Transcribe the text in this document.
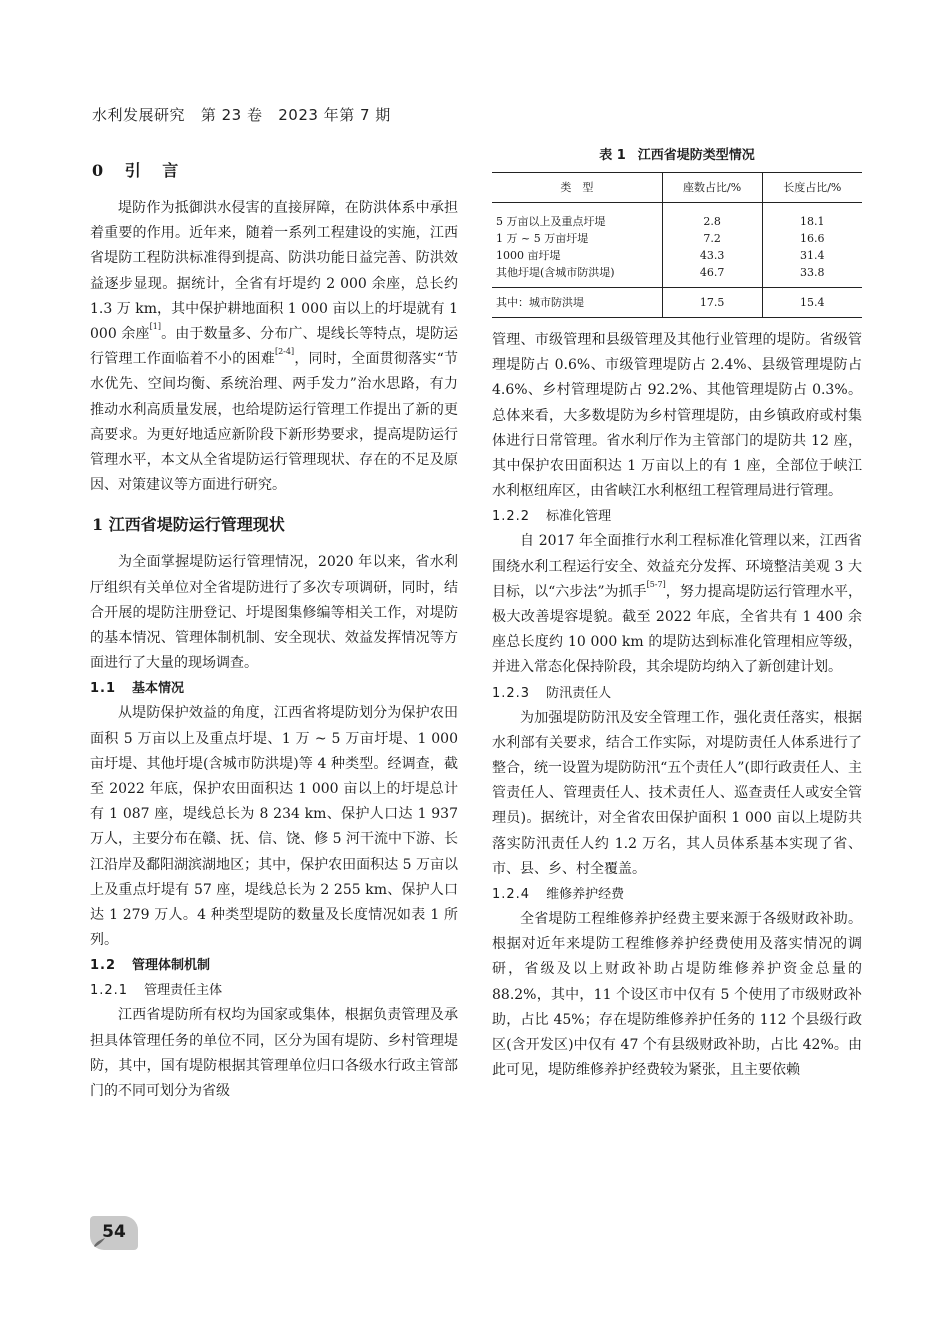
水利发展研究 第 23 卷 2023 年第 7 期
0 引 言

堤防作为抵御洪水侵害的直接屏障，在防洪体系中承担着重要的作用。近年来，随着一系列工程建设的实施，江西省堤防工程防洪标准得到提高、防洪功能日益完善、防洪效益逐步显现。据统计，全省有圩堤约 2 000 余座，总长约 1.3 万 km，其中保护耕地面积 1 000 亩以上的圩堤就有 1 000 余座[1]。由于数量多、分布广、堤线长等特点，堤防运行管理工作面临着不小的困难[2-4]，同时，全面贯彻落实“节水优先、空间均衡、系统治理、两手发力”治水思路，有力推动水利高质量发展，也给堤防运行管理工作提出了新的更高要求。为更好地适应新阶段下新形势要求，提高堤防运行管理水平，本文从全省堤防运行管理现状、存在的不足及原因、对策建议等方面进行研究。

1 江西省堤防运行管理现状

为全面掌握堤防运行管理情况，2020 年以来，省水利厅组织有关单位对全省堤防进行了多次专项调研，同时，结合开展的堤防注册登记、圩堤图集修编等相关工作，对堤防的基本情况、管理体制机制、安全现状、效益发挥情况等方面进行了大量的现场调查。

1.1 基本情况

从堤防保护效益的角度，江西省将堤防划分为保护农田面积 5 万亩以上及重点圩堤、1 万 ~ 5 万亩圩堤、1 000 亩圩堤、其他圩堤(含城市防洪堤)等 4 种类型。经调查，截至 2022 年底，保护农田面积达 1 000 亩以上的圩堤总计有 1 087 座，堤线总长为 8 234 km、保护人口达 1 937 万人，主要分布在赣、抚、信、饶、修 5 河干流中下游、长江沿岸及鄱阳湖滨湖地区；其中，保护农田面积达 5 万亩以上及重点圩堤有 57 座，堤线总长为 2 255 km、保护人口达 1 279 万人。4 种类型堤防的数量及长度情况如表 1 所列。

1.2 管理体制机制
1.2.1 管理责任主体

江西省堤防所有权均为国家或集体，根据负责管理及承担具体管理任务的单位不同，区分为国有堤防、乡村管理堤防，其中，国有堤防根据其管理单位归口各级水行政主管部门的不同可划分为省级

表 1 江西省堤防类型情况
类　型	座数占比/%	长度占比/%
5 万亩以上及重点圩堤	2.8	18.1
1 万 ~ 5 万亩圩堤	7.2	16.6
1000 亩圩堤	43.3	31.4
其他圩堤(含城市防洪堤)	46.7	33.8
其中：城市防洪堤	17.5	15.4

管理、市级管理和县级管理及其他行业管理的堤防。省级管理堤防占 0.6%、市级管理堤防占 2.4%、县级管理堤防占 4.6%、乡村管理堤防占 92.2%、其他管理堤防占 0.3%。总体来看，大多数堤防为乡村管理堤防，由乡镇政府或村集体进行日常管理。省水利厅作为主管部门的堤防共 12 座，其中保护农田面积达 1 万亩以上的有 1 座，全部位于峡江水利枢纽库区，由省峡江水利枢纽工程管理局进行管理。

1.2.2 标准化管理

自 2017 年全面推行水利工程标准化管理以来，江西省围绕水利工程运行安全、效益充分发挥、环境整洁美观 3 大目标，以“六步法”为抓手[5-7]，努力提高堤防运行管理水平，极大改善堤容堤貌。截至 2022 年底，全省共有 1 400 余座总长度约 10 000 km 的堤防达到标准化管理相应等级，并进入常态化保持阶段，其余堤防均纳入了新创建计划。

1.2.3 防汛责任人

为加强堤防防汛及安全管理工作，强化责任落实，根据水利部有关要求，结合工作实际，对堤防责任人体系进行了整合，统一设置为堤防防汛“五个责任人”(即行政责任人、主管责任人、管理责任人、技术责任人、巡查责任人或安全管理员)。据统计，对全省农田保护面积 1 000 亩以上堤防共落实防汛责任人约 1.2 万名，其人员体系基本实现了省、市、县、乡、村全覆盖。

1.2.4 维修养护经费

全省堤防工程维修养护经费主要来源于各级财政补助。根据对近年来堤防工程维修养护经费使用及落实情况的调研，省级及以上财政补助占堤防维修养护资金总量的 88.2%，其中，11 个设区市中仅有 5 个使用了市级财政补助，占比 45%；存在堤防维修养护任务的 112 个县级行政区(含开发区)中仅有 47 个有县级财政补助，占比 42%。由此可见，堤防维修养护经费较为紧张，且主要依赖

54
